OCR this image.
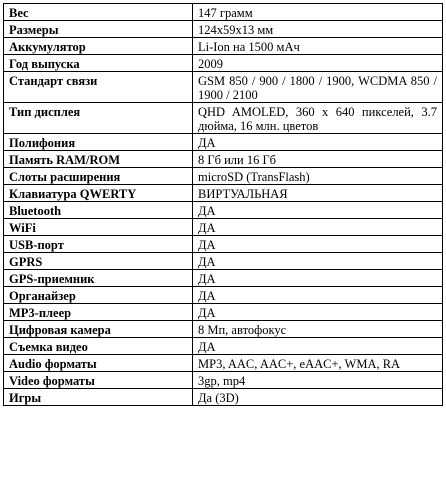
Вес	147 грамм
Размеры	124x59x13 мм
Аккумулятор	Li-Ion на 1500 мАч
Год выпуска	2009
Стандарт связи	GSM 850 / 900 / 1800 / 1900, WCDMA 850 / 1900 / 2100
Тип дисплея	QHD AMOLED, 360 x 640 пикселей, 3.7 дюйма, 16 млн. цветов
Полифония	ДА
Память RAM/ROM	8 Гб или 16 Гб
Слоты расширения	microSD (TransFlash)
Клавиатура QWERTY	ВИРТУАЛЬНАЯ
Bluetooth	ДА
WiFi	ДА
USB-порт	ДА
GPRS	ДА
GPS-приемник	ДА
Органайзер	ДА
MP3-плеер	ДА
Цифровая камера	8 Мп, автофокус
Съемка видео	ДА
Audio форматы	MP3, AAC, AAC+, eAAC+, WMA, RA
Video форматы	3gp, mp4
Игры	Да (3D)
